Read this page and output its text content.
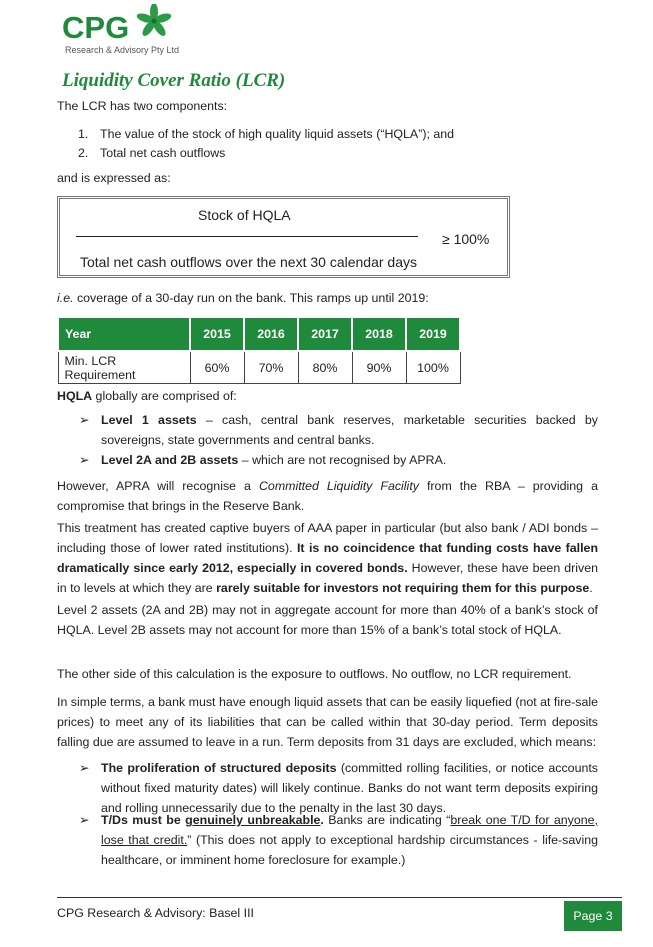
CPG
Research & Advisory Pty Ltd
Liquidity Cover Ratio (LCR)
The LCR has two components:
1. The value of the stock of high quality liquid assets (“HQLA”); and
2. Total net cash outflows
and is expressed as:
Stock of HQLA
≥ 100%
Total net cash outflows over the next 30 calendar days
i.e. coverage of a 30-day run on the bank. This ramps up until 2019:
Year	2015	2016	2017	2018	2019
Min. LCR Requirement	60%	70%	80%	90%	100%
HQLA globally are comprised of:
➢ Level 1 assets – cash, central bank reserves, marketable securities backed by sovereigns, state governments and central banks.
➢ Level 2A and 2B assets – which are not recognised by APRA.
However, APRA will recognise a Committed Liquidity Facility from the RBA – providing a compromise that brings in the Reserve Bank.
This treatment has created captive buyers of AAA paper in particular (but also bank / ADI bonds – including those of lower rated institutions). It is no coincidence that funding costs have fallen dramatically since early 2012, especially in covered bonds. However, these have been driven in to levels at which they are rarely suitable for investors not requiring them for this purpose.
Level 2 assets (2A and 2B) may not in aggregate account for more than 40% of a bank’s stock of HQLA. Level 2B assets may not account for more than 15% of a bank’s total stock of HQLA.
The other side of this calculation is the exposure to outflows. No outflow, no LCR requirement.
In simple terms, a bank must have enough liquid assets that can be easily liquefied (not at fire-sale prices) to meet any of its liabilities that can be called within that 30-day period. Term deposits falling due are assumed to leave in a run. Term deposits from 31 days are excluded, which means:
➢ The proliferation of structured deposits (committed rolling facilities, or notice accounts without fixed maturity dates) will likely continue. Banks do not want term deposits expiring and rolling unnecessarily due to the penalty in the last 30 days.
➢ T/Ds must be genuinely unbreakable. Banks are indicating “break one T/D for anyone, lose that credit.” (This does not apply to exceptional hardship circumstances - life-saving healthcare, or imminent home foreclosure for example.)
CPG Research & Advisory: Basel III	Page 3
